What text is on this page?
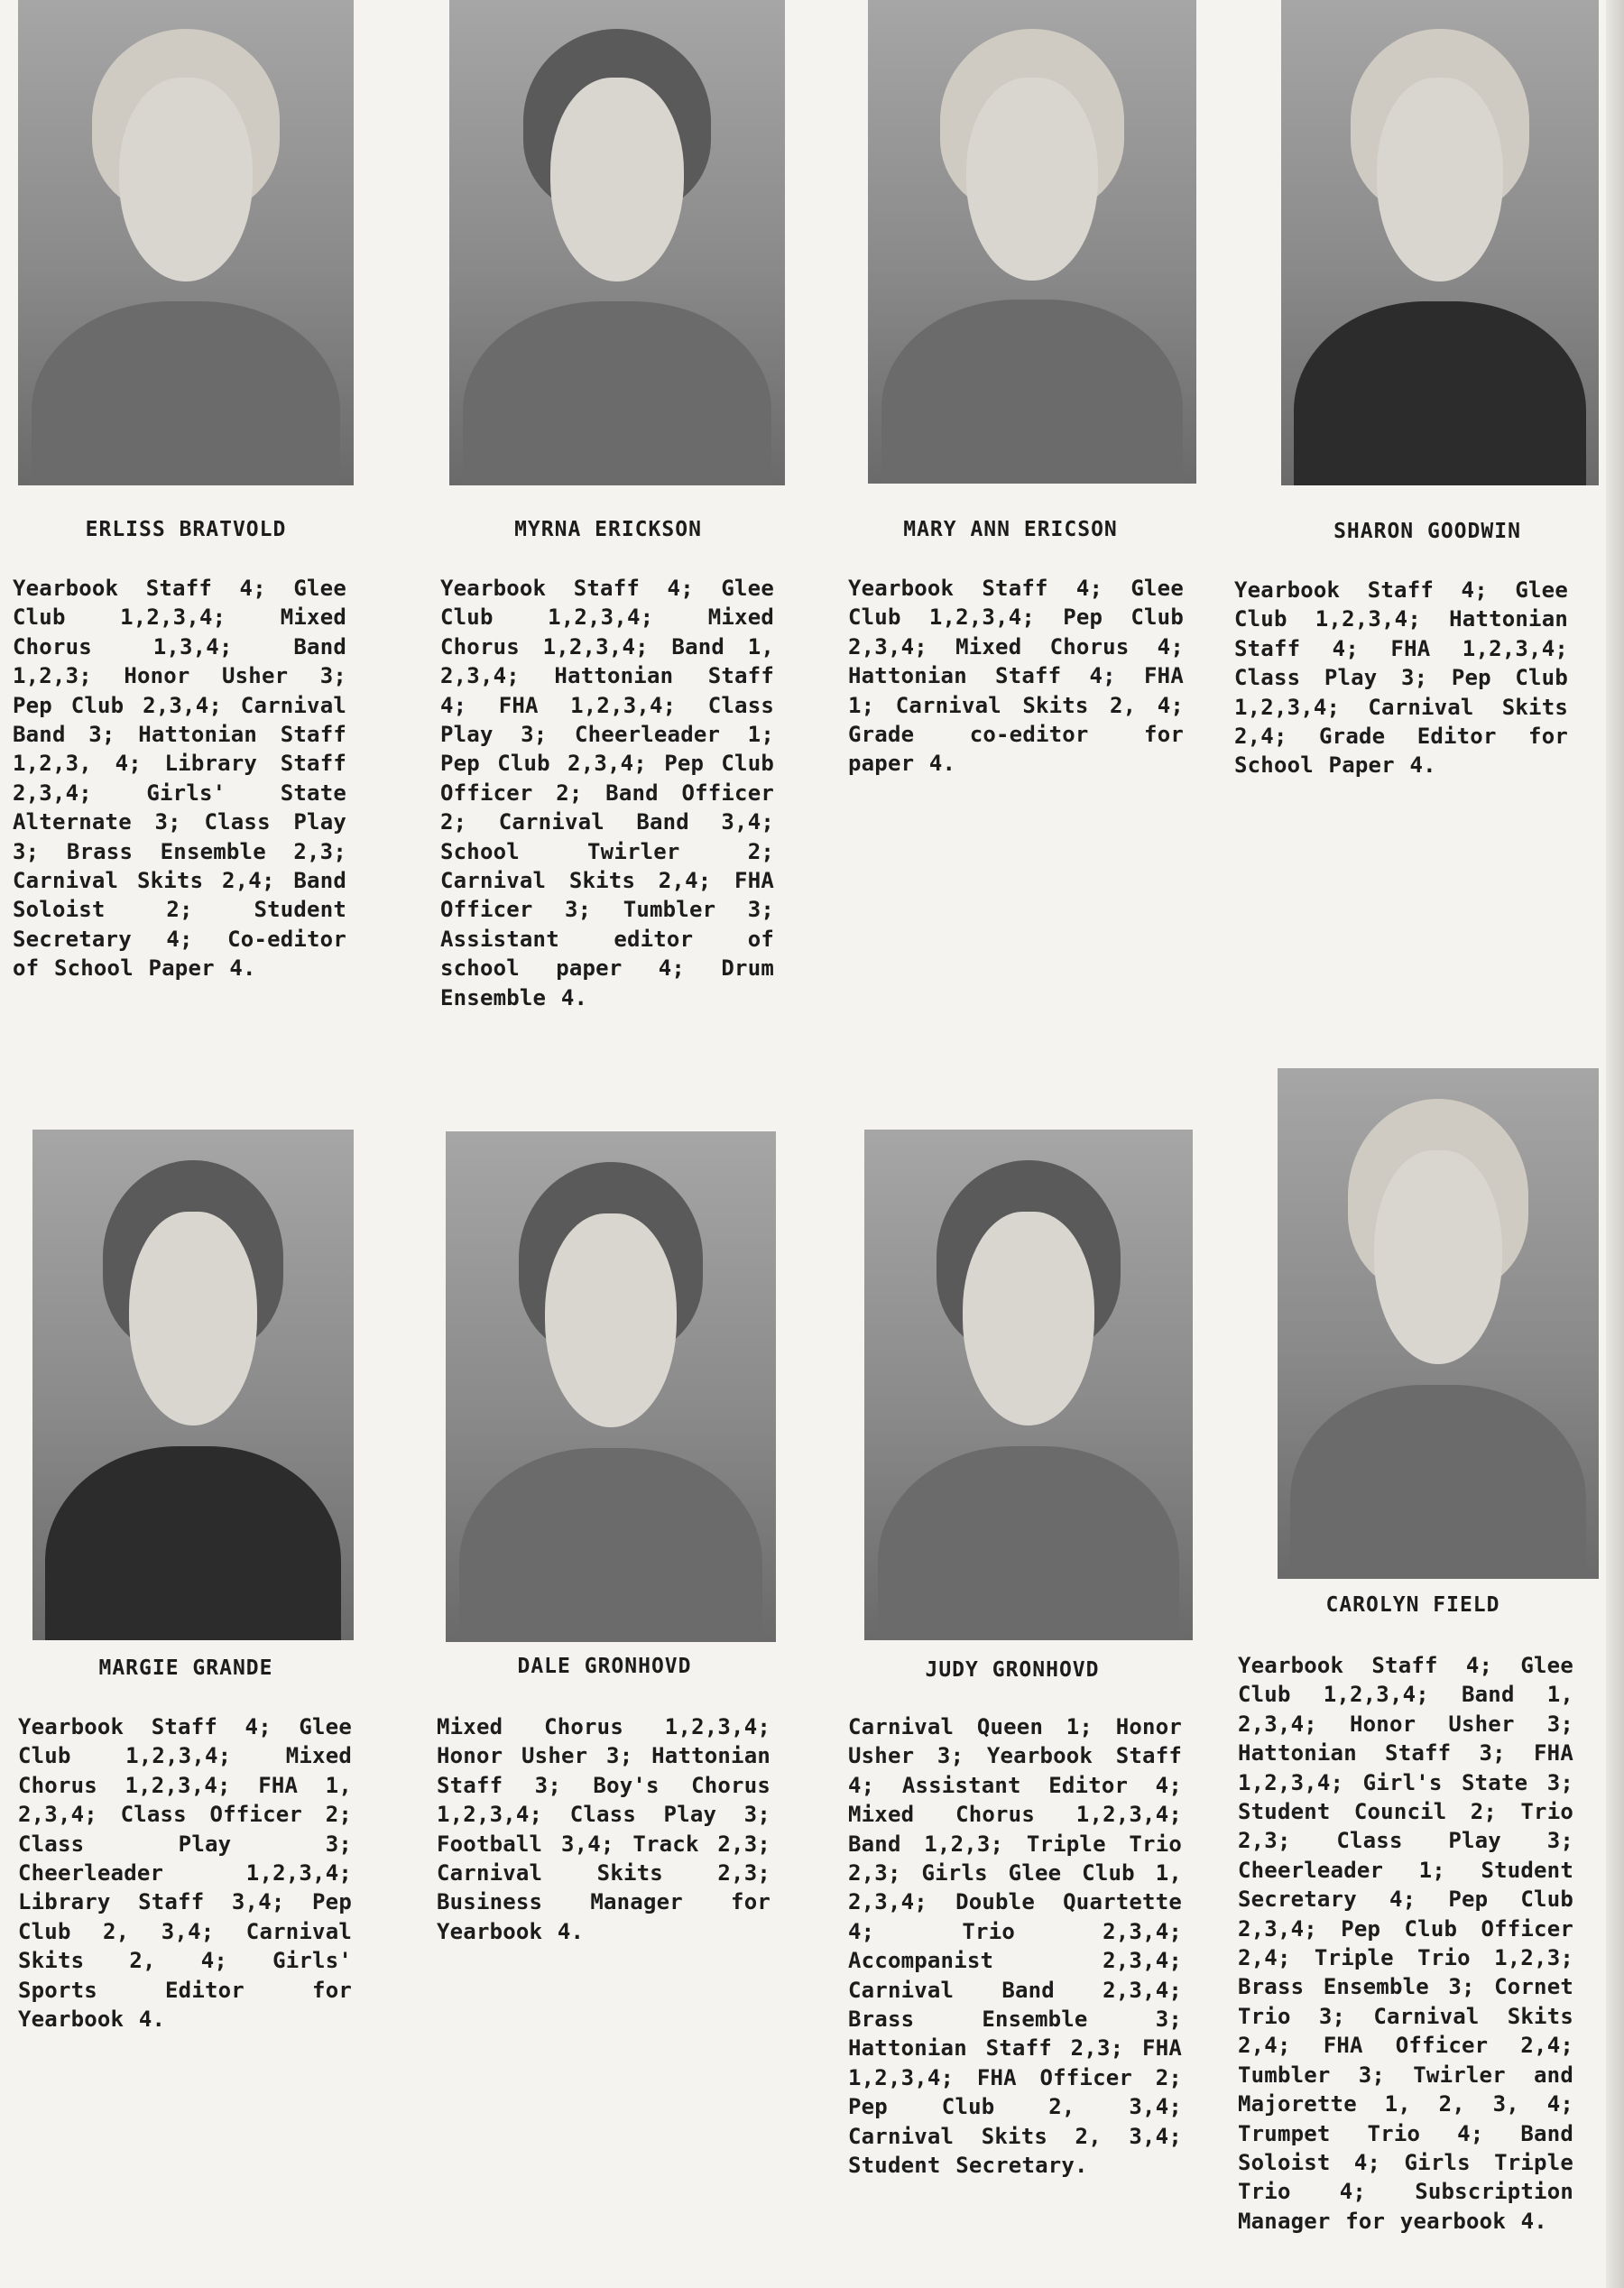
ERLISS BRATVOLD

Yearbook Staff 4; Glee Club 1,2,3,4; Mixed Chorus 1,3,4; Band 1,2,3; Honor Usher 3; Pep Club 2,3,4; Carnival Band 3; Hattonian Staff 1,2,3, 4; Library Staff 2,3,4; Girls' State Alternate 3; Class Play 3; Brass Ensemble 2,3; Carnival Skits 2,4; Band Soloist 2; Student Secretary 4; Co-editor of School Paper 4.

MYRNA ERICKSON

Yearbook Staff 4; Glee Club 1,2,3,4; Mixed Chorus 1,2,3,4; Band 1, 2,3,4; Hattonian Staff 4; FHA 1,2,3,4; Class Play 3; Cheerleader 1; Pep Club 2,3,4; Pep Club Officer 2; Band Officer 2; Carnival Band 3,4; School Twirler 2; Carnival Skits 2,4; FHA Officer 3; Tumbler 3; Assistant editor of school paper 4; Drum Ensemble 4.

MARY ANN ERICSON

Yearbook Staff 4; Glee Club 1,2,3,4; Pep Club 2,3,4; Mixed Chorus 4; Hattonian Staff 4; FHA 1; Carnival Skits 2, 4; Grade co-editor for paper 4.

SHARON GOODWIN

Yearbook Staff 4; Glee Club 1,2,3,4; Hattonian Staff 4; FHA 1,2,3,4; Class Play 3; Pep Club 1,2,3,4; Carnival Skits 2,4; Grade Editor for School Paper 4.

MARGIE GRANDE

Yearbook Staff 4; Glee Club 1,2,3,4; Mixed Chorus 1,2,3,4; FHA 1, 2,3,4; Class Officer 2; Class Play 3; Cheerleader 1,2,3,4; Library Staff 3,4; Pep Club 2, 3,4; Carnival Skits 2, 4; Girls' Sports Editor for Yearbook 4.

DALE GRONHOVD

Mixed Chorus 1,2,3,4; Honor Usher 3; Hattonian Staff 3; Boy's Chorus 1,2,3,4; Class Play 3; Football 3,4; Track 2,3; Carnival Skits 2,3; Business Manager for Yearbook 4.

JUDY GRONHOVD

Carnival Queen 1; Honor Usher 3; Yearbook Staff 4; Assistant Editor 4; Mixed Chorus 1,2,3,4; Band 1,2,3; Triple Trio 2,3; Girls Glee Club 1, 2,3,4; Double Quartette 4; Trio 2,3,4; Accompanist 2,3,4; Carnival Band 2,3,4; Brass Ensemble 3; Hattonian Staff 2,3; FHA 1,2,3,4; FHA Officer 2; Pep Club 2, 3,4; Carnival Skits 2, 3,4; Student Secretary.

CAROLYN FIELD

Yearbook Staff 4; Glee Club 1,2,3,4; Band 1, 2,3,4; Honor Usher 3; Hattonian Staff 3; FHA 1,2,3,4; Girl's State 3; Student Council 2; Trio 2,3; Class Play 3; Cheerleader 1; Student Secretary 4; Pep Club 2,3,4; Pep Club Officer 2,4; Triple Trio 1,2,3; Brass Ensemble 3; Cornet Trio 3; Carnival Skits 2,4; FHA Officer 2,4; Tumbler 3; Twirler and Majorette 1, 2, 3, 4; Trumpet Trio 4; Band Soloist 4; Girls Triple Trio 4; Subscription Manager for yearbook 4.
